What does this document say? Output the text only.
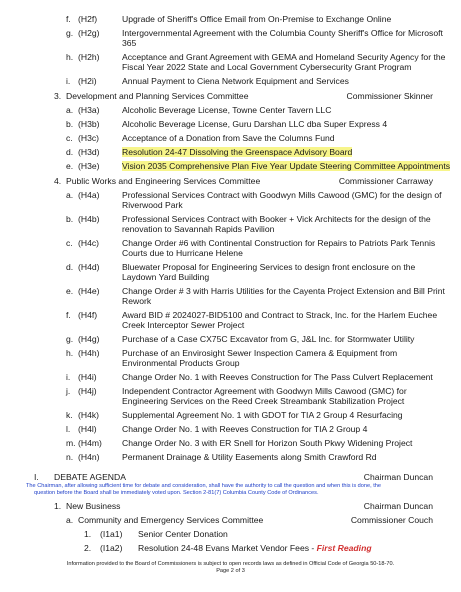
f. (H2f)	Upgrade of Sheriff's Office Email from On-Premise to Exchange Online
g. (H2g)	Intergovernmental Agreement with the Columbia County Sheriff's Office for Microsoft
365
h. (H2h)	Acceptance and Grant Agreement with GEMA and Homeland Security Agency for the
Fiscal Year 2022 State and Local Government Cybersecurity Grant Program
i. (H2i)	Annual Payment to Ciena Network Equipment and Services
3. Development and Planning Services Committee	Commissioner Skinner
a. (H3a)	Alcoholic Beverage License, Towne Center Tavern LLC
b. (H3b)	Alcoholic Beverage License, Guru Darshan LLC dba Super Express 4
c. (H3c)	Acceptance of a Donation from Save the Columns Fund
d. (H3d)	Resolution 24-47 Dissolving the Greenspace Advisory Board
e. (H3e)	Vision 2035 Comprehensive Plan Five Year Update Steering Committee Appointments
4. Public Works and Engineering Services Committee	Commissioner Carraway
a. (H4a)	Professional Services Contract with Goodwyn Mills Cawood (GMC) for the design of
Riverwood Park
b. (H4b)	Professional Services Contract with Booker + Vick Architects for the design of the
renovation to Savannah Rapids Pavilion
c. (H4c)	Change Order #6 with Continental Construction for Repairs to Patriots Park Tennis
Courts due to Hurricane Helene
d. (H4d)	Bluewater Proposal for Engineering Services to design front enclosure on the
Laydown Yard Building
e. (H4e)	Change Order # 3 with Harris Utilities for the Cayenta Project Extension and Bill Print
Rework
f. (H4f)	Award BID # 2024027-BID5100 and Contract to Strack, Inc. for the Harlem Euchee
Creek Interceptor Sewer Project
g. (H4g)	Purchase of a Case CX75C Excavator from G, J&L Inc. for Stormwater Utility
h. (H4h)	Purchase of an Envirosight Sewer Inspection Camera & Equipment from
Environmental Products Group
i. (H4i)	Change Order No. 1 with Reeves Construction for The Pass Culvert Replacement
j. (H4j)	Independent Contractor Agreement with Goodwyn Mills Cawood (GMC) for
Engineering Services on the Reed Creek Streambank Stabilization Project
k. (H4k)	Supplemental Agreement No. 1 with GDOT for TIA 2 Group 4 Resurfacing
l. (H4l)	Change Order No. 1 with Reeves Construction for TIA 2 Group 4
m. (H4m) Change Order No. 3 with ER Snell for Horizon South Pkwy Widening Project
n. (H4n)	Permanent Drainage & Utility Easements along Smith Crawford Rd
I. DEBATE AGENDA	Chairman Duncan
The Chairman, after allowing sufficient time for debate and consideration, shall have the authority to call the question and when this is done, the
question before the Board shall be immediately voted upon. Section 2-81(7) Columbia County Code of Ordinances.
1. New Business	Chairman Duncan
a. Community and Emergency Services Committee	Commissioner Couch
1. (I1a1) Senior Center Donation
2. (I1a2) Resolution 24-48 Evans Market Vendor Fees - First Reading
Information provided to the Board of Commissioners is subject to open records laws as defined in Official Code of Georgia 50-18-70.
Page 2 of 3
